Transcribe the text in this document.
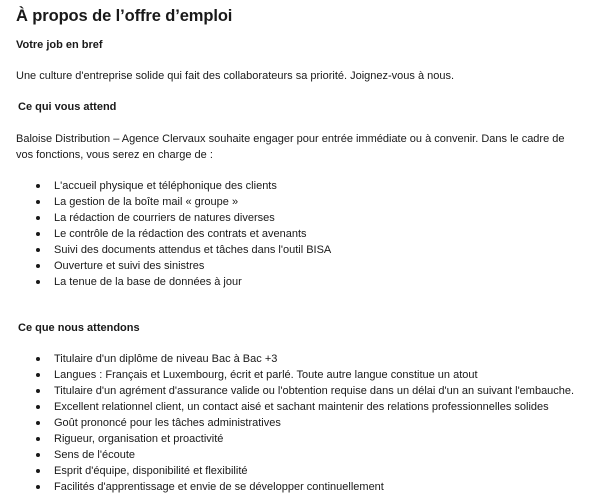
À propos de l’offre d’emploi
Votre job en bref

Une culture d'entreprise solide qui fait des collaborateurs sa priorité. Joignez-vous à nous.

Ce qui vous attend

Baloise Distribution – Agence Clervaux souhaite engager pour entrée immédiate ou à convenir. Dans le cadre de vos fonctions, vous serez en charge de :

L'accueil physique et téléphonique des clients
La gestion de la boîte mail « groupe »
La rédaction de courriers de natures diverses
Le contrôle de la rédaction des contrats et avenants
Suivi des documents attendus et tâches dans l'outil BISA
Ouverture et suivi des sinistres
La tenue de la base de données à jour
Ce que nous attendons
Titulaire d'un diplôme de niveau Bac à Bac +3
Langues : Français et Luxembourg, écrit et parlé. Toute autre langue constitue un atout
Titulaire d'un agrément d'assurance valide ou l'obtention requise dans un délai d'un an suivant l'embauche.
Excellent relationnel client, un contact aisé et sachant maintenir des relations professionnelles solides
Goût prononcé pour les tâches administratives
Rigueur, organisation et proactivité
Sens de l'écoute
Esprit d'équipe, disponibilité et flexibilité
Facilités d'apprentissage et envie de se développer continuellement
